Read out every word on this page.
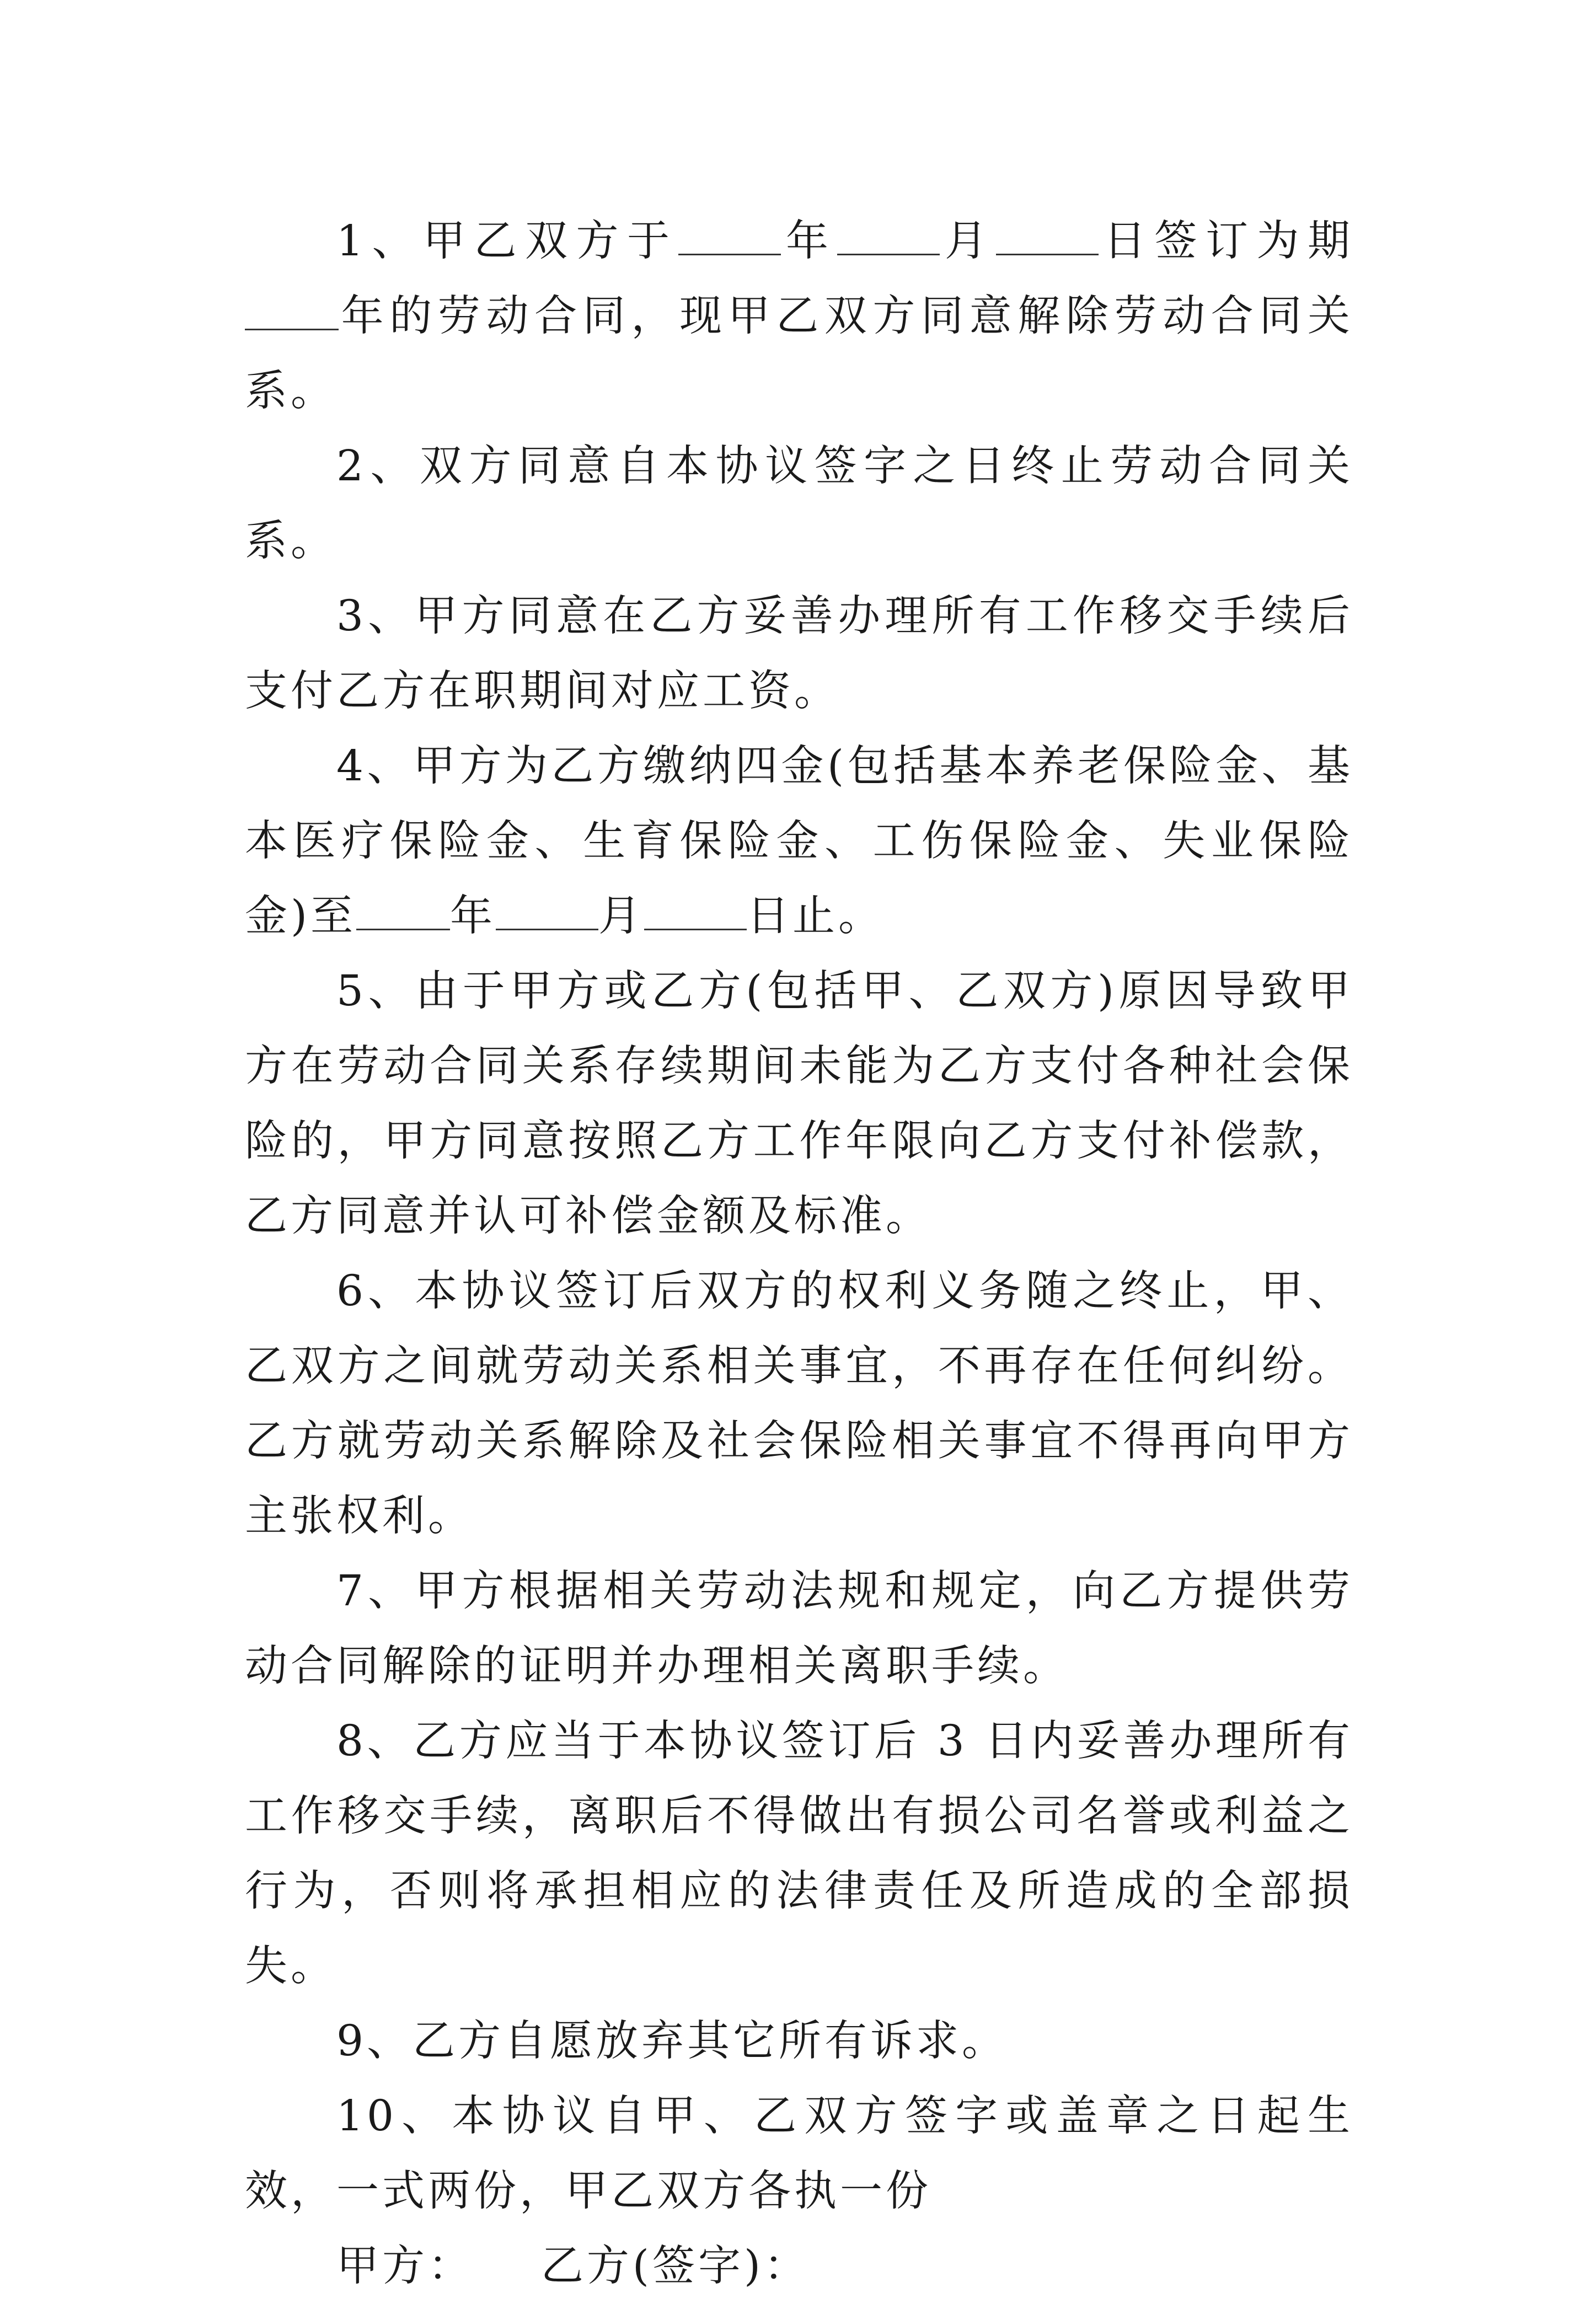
1、甲乙双方于 年 月 日签订为期年的劳动合同，现甲乙双方同意解除劳动合同关系。

2、双方同意自本协议签字之日终止劳动合同关系。

3、甲方同意在乙方妥善办理所有工作移交手续后支付乙方在职期间对应工资。

4、甲方为乙方缴纳四金(包括基本养老保险金、基本医疗保险金、生育保险金、工伤保险金、失业保险金)至 年 月 日止。

5、由于甲方或乙方(包括甲、乙双方)原因导致甲方在劳动合同关系存续期间未能为乙方支付各种社会保险的，甲方同意按照乙方工作年限向乙方支付补偿款，乙方同意并认可补偿金额及标准。

6、本协议签订后双方的权利义务随之终止，甲、乙双方之间就劳动关系相关事宜，不再存在任何纠纷。乙方就劳动关系解除及社会保险相关事宜不得再向甲方主张权利。

7、甲方根据相关劳动法规和规定，向乙方提供劳动合同解除的证明并办理相关离职手续。

8、乙方应当于本协议签订后 3 日内妥善办理所有工作移交手续，离职后不得做出有损公司名誉或利益之行为，否则将承担相应的法律责任及所造成的全部损失。

9、乙方自愿放弃其它所有诉求。

10、本协议自甲、乙双方签字或盖章之日起生效，一式两份，甲乙双方各执一份

甲方： 乙方(签字)：
